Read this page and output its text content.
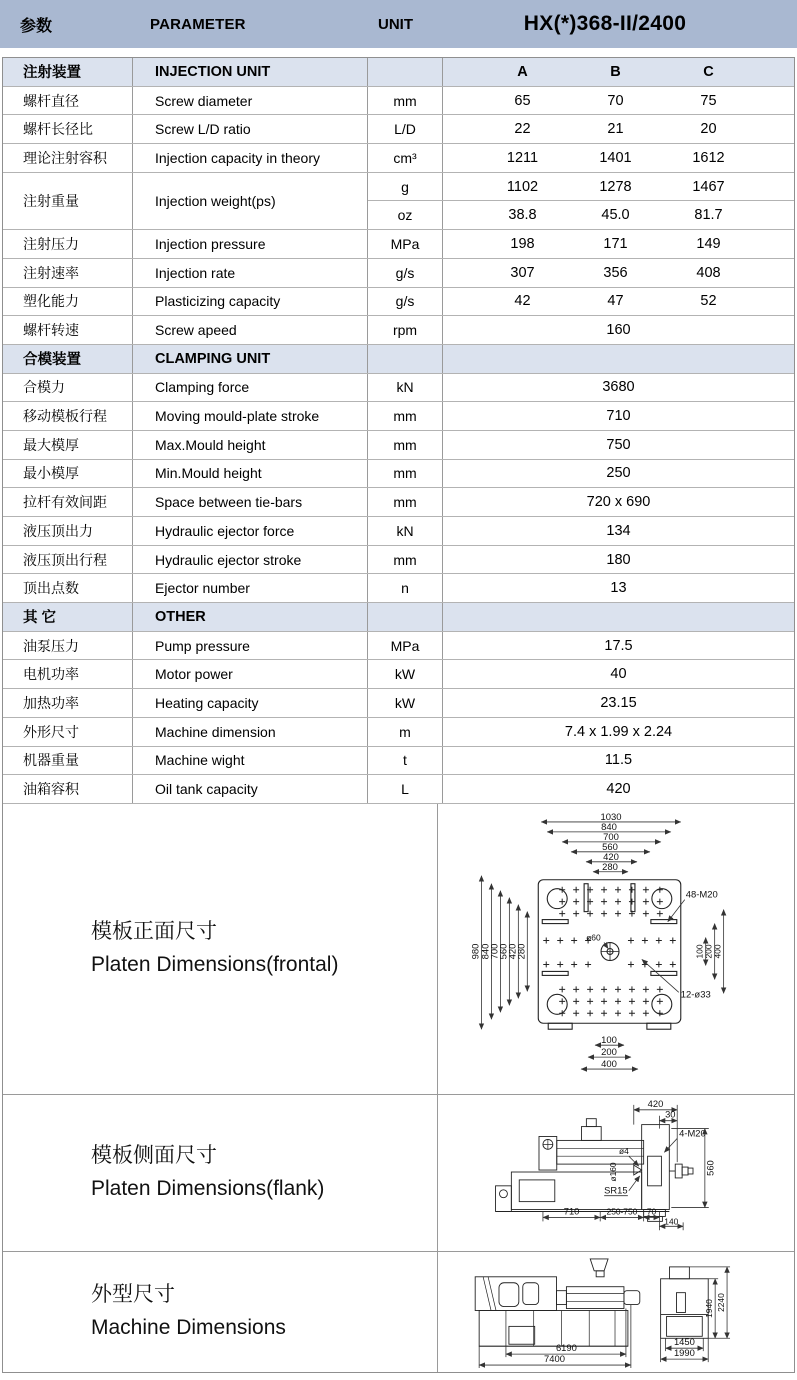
参数	PARAMETER	UNIT	HX(*)368-II/2400
注射装置	INJECTION UNIT	A	B	C
螺杆直径	Screw diameter	mm	65	70	75
螺杆长径比	Screw L/D ratio	L/D	22	21	20
理论注射容积	Injection capacity in theory	cm³	1211	1401	1612
注射重量	Injection weight(ps)
g	1102	1278	1467
oz	38.8	45.0	81.7
注射压力	Injection pressure	MPa	198	171	149
注射速率	Injection rate	g/s	307	356	408
塑化能力	Plasticizing capacity	g/s	42	47	52
螺杆转速	Screw apeed	rpm	160
合模装置	CLAMPING UNIT
合模力	Clamping force	kN	3680
移动模板行程	Moving mould-plate stroke	mm	710
最大模厚	Max.Mould height	mm	750
最小模厚	Min.Mould height	mm	250
拉杆有效间距	Space between tie-bars	mm	720 x 690
液压顶出力	Hydraulic ejector force	kN	134
液压顶出行程	Hydraulic ejector stroke	mm	180
顶出点数	Ejector number	n	13
其 它	OTHER
油泵压力	Pump pressure	MPa	17.5
电机功率	Motor power	kW	40
加热功率	Heating capacity	kW	23.15
外形尺寸	Machine dimension	m	7.4 x 1.99 x 2.24
机器重量	Machine wight	t	11.5
油箱容积	Oil tank capacity	L	420
模板正面尺寸
Platen Dimensions(frontal)
1030
840
700
560
420
280
980
840
700
560
420
280	100
200
400
100
200
400
48-M20
12-ø33
ø60
模板侧面尺寸
Platen Dimensions(flank)
420
30
4-M20
ø4
ø160
SR15
560
710	250-750 70
140
外型尺寸
Machine Dimensions
6190
7400
1450
1990
1940 2240
